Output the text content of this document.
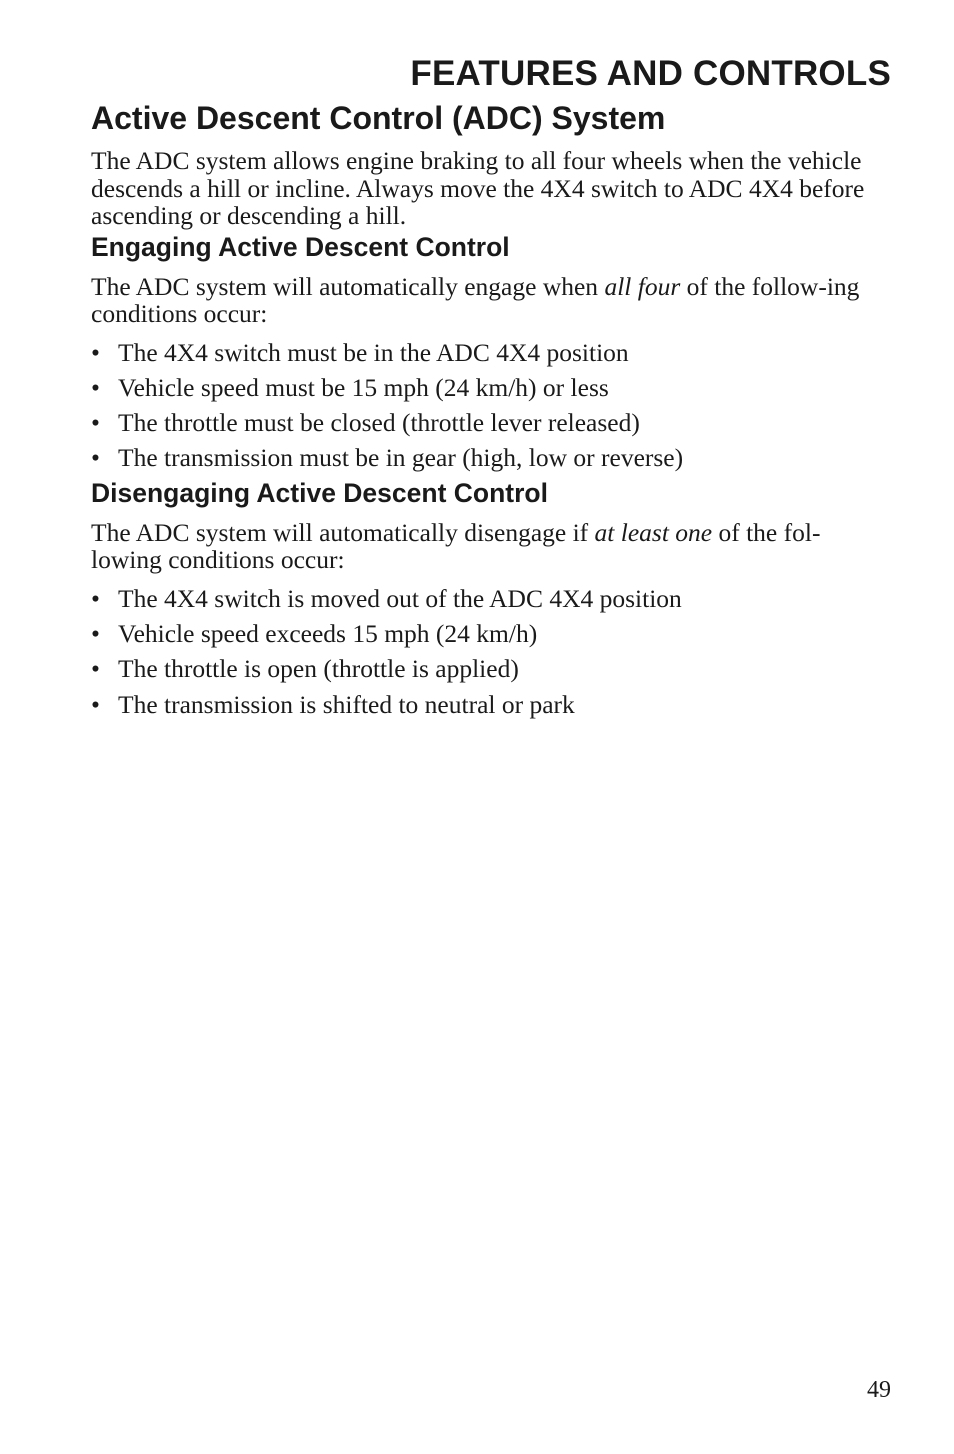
FEATURES AND CONTROLS
Active Descent Control (ADC) System

The ADC system allows engine braking to all four wheels when the vehicle descends a hill or incline. Always move the 4X4 switch to ADC 4X4 before ascending or descending a hill.

Engaging Active Descent Control

The ADC system will automatically engage when all four of the follow-ing conditions occur:

• The 4X4 switch must be in the ADC 4X4 position
• Vehicle speed must be 15 mph (24 km/h) or less
• The throttle must be closed (throttle lever released)
• The transmission must be in gear (high, low or reverse)
Disengaging Active Descent Control

The ADC system will automatically disengage if at least one of the fol-lowing conditions occur:

• The 4X4 switch is moved out of the ADC 4X4 position
• Vehicle speed exceeds 15 mph (24 km/h)
• The throttle is open (throttle is applied)
• The transmission is shifted to neutral or park
49
